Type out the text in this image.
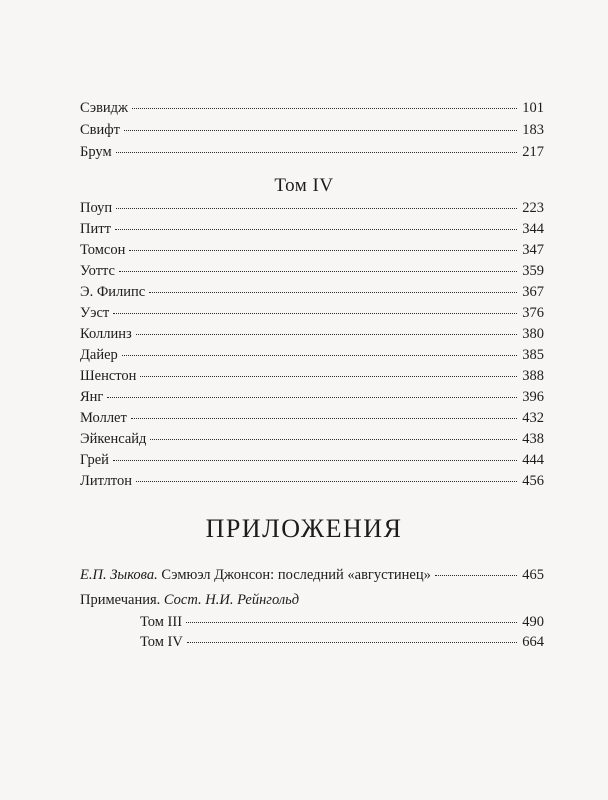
Сэвидж	101
Свифт	183
Брум	217
Том IV
Поуп	223
Питт	344
Томсон	347
Уоттс	359
Э. Филипс	367
Уэст	376
Коллинз	380
Дайер	385
Шенстон	388
Янг	396
Моллет	432
Эйкенсайд	438
Грей	444
Литлтон	456
ПРИЛОЖЕНИЯ
Е.П. Зыкова. Сэмюэл Джонсон: последний «августинец»	465
Примечания. Сост. Н.И. Рейнгольд
Том III	490
Том IV	664
